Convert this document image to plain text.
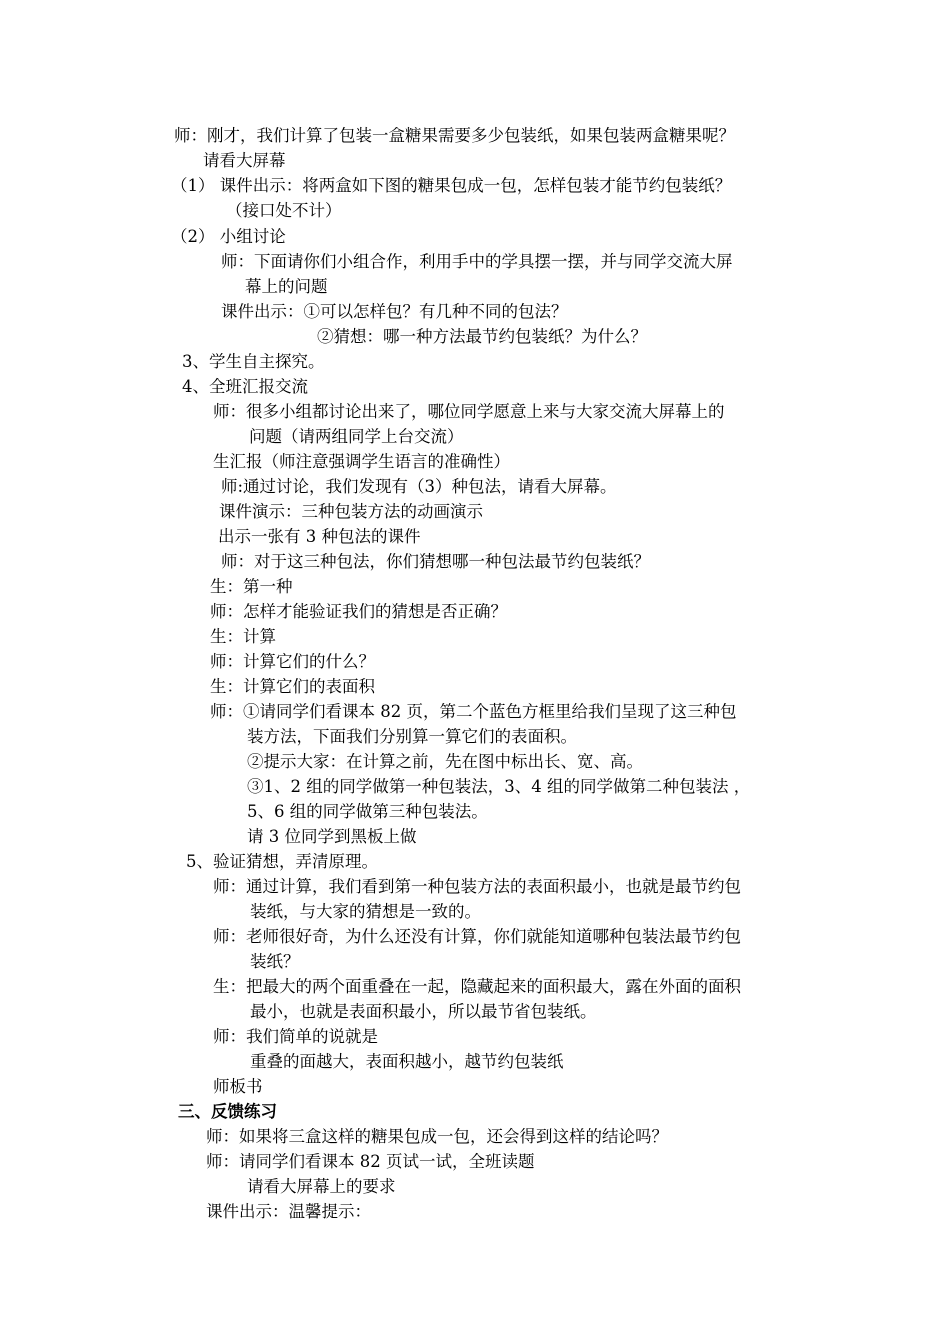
师：刚才，我们计算了包装一盒糖果需要多少包装纸，如果包装两盒糖果呢？
请看大屏幕
（1） 课件出示：将两盒如下图的糖果包成一包，怎样包装才能节约包装纸？
（接口处不计）
（2） 小组讨论
师：下面请你们小组合作，利用手中的学具摆一摆，并与同学交流大屏
幕上的问题
课件出示：①可以怎样包？有几种不同的包法？
②猜想：哪一种方法最节约包装纸？为什么？
3、学生自主探究。
4、全班汇报交流
师：很多小组都讨论出来了，哪位同学愿意上来与大家交流大屏幕上的
问题（请两组同学上台交流）
生汇报（师注意强调学生语言的准确性）
师:通过讨论，我们发现有（3）种包法，请看大屏幕。
课件演示：三种包装方法的动画演示
出示一张有 3 种包法的课件
师：对于这三种包法，你们猜想哪一种包法最节约包装纸？
生：第一种
师：怎样才能验证我们的猜想是否正确？
生：计算
师：计算它们的什么？
生：计算它们的表面积
师：①请同学们看课本 82 页，第二个蓝色方框里给我们呈现了这三种包
装方法，下面我们分别算一算它们的表面积。
②提示大家：在计算之前，先在图中标出长、宽、高。
③1、2 组的同学做第一种包装法，3、4 组的同学做第二种包装法 ，
5、6 组的同学做第三种包装法。
请 3 位同学到黑板上做
5、验证猜想，弄清原理。
师：通过计算，我们看到第一种包装方法的表面积最小，也就是最节约包
装纸，与大家的猜想是一致的。
师：老师很好奇，为什么还没有计算，你们就能知道哪种包装法最节约包
装纸？
生：把最大的两个面重叠在一起，隐藏起来的面积最大，露在外面的面积
最小，也就是表面积最小，所以最节省包装纸。
师：我们简单的说就是
重叠的面越大，表面积越小，越节约包装纸
师板书
三、反馈练习
师：如果将三盒这样的糖果包成一包，还会得到这样的结论吗？
师：请同学们看课本 82 页试一试，全班读题
请看大屏幕上的要求
课件出示：温馨提示：
